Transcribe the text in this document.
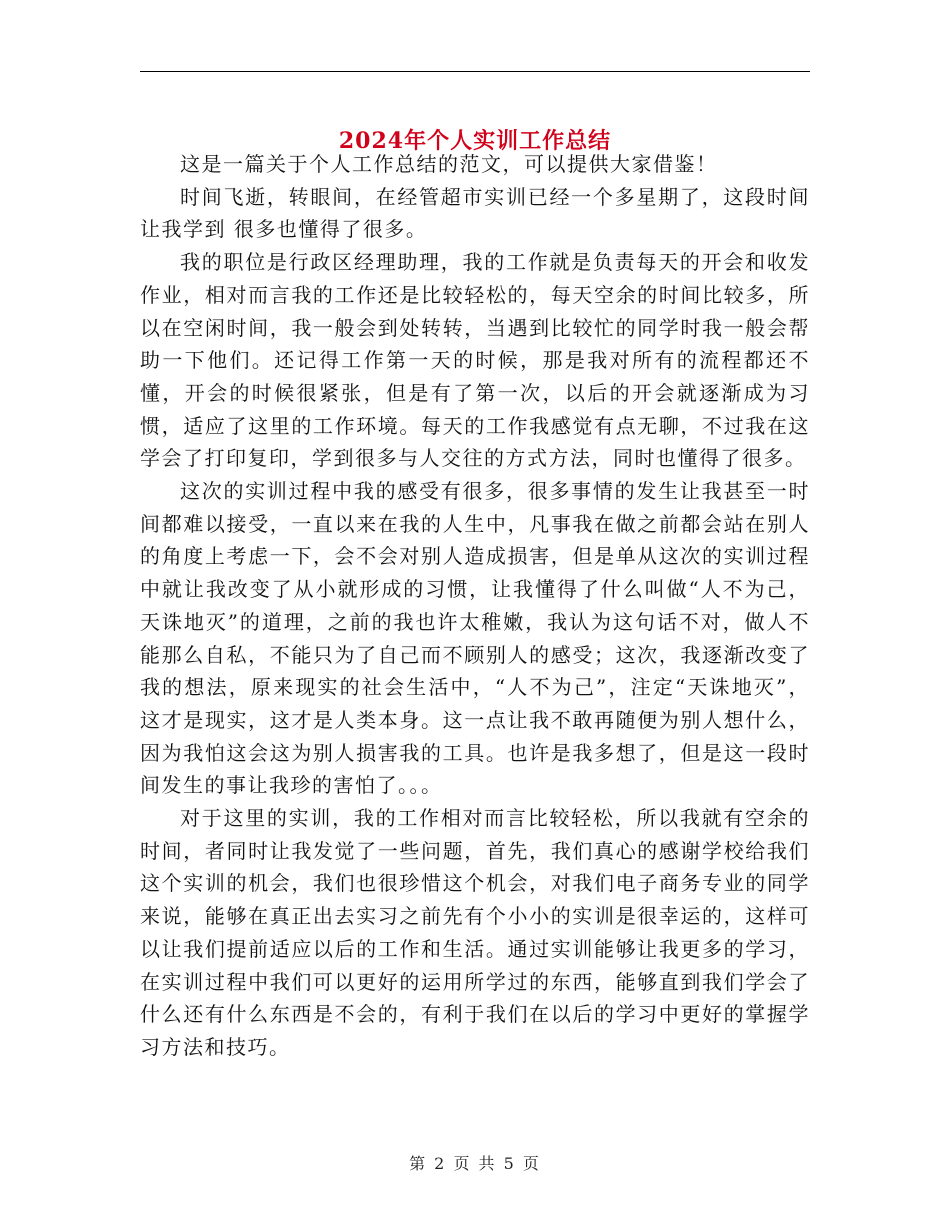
2024年个人实训工作总结

这是一篇关于个人工作总结的范文，可以提供大家借鉴！

时间飞逝，转眼间，在经管超市实训已经一个多星期了，这段时间让我学到 很多也懂得了很多。

我的职位是行政区经理助理，我的工作就是负责每天的开会和收发作业，相对而言我的工作还是比较轻松的，每天空余的时间比较多，所以在空闲时间，我一般会到处转转，当遇到比较忙的同学时我一般会帮助一下他们。还记得工作第一天的时候，那是我对所有的流程都还不懂，开会的时候很紧张，但是有了第一次，以后的开会就逐渐成为习惯，适应了这里的工作环境。每天的工作我感觉有点无聊，不过我在这学会了打印复印，学到很多与人交往的方式方法，同时也懂得了很多。

这次的实训过程中我的感受有很多，很多事情的发生让我甚至一时间都难以接受，一直以来在我的人生中，凡事我在做之前都会站在别人的角度上考虑一下，会不会对别人造成损害，但是单从这次的实训过程中就让我改变了从小就形成的习惯，让我懂得了什么叫做“人不为己，天诛地灭”的道理，之前的我也许太稚嫩，我认为这句话不对，做人不能那么自私，不能只为了自己而不顾别人的感受；这次，我逐渐改变了我的想法，原来现实的社会生活中，“人不为己”，注定“天诛地灭”，这才是现实，这才是人类本身。这一点让我不敢再随便为别人想什么，因为我怕这会这为别人损害我的工具。也许是我多想了，但是这一段时间发生的事让我珍的害怕了。。。

对于这里的实训，我的工作相对而言比较轻松，所以我就有空余的时间，者同时让我发觉了一些问题，首先，我们真心的感谢学校给我们这个实训的机会，我们也很珍惜这个机会，对我们电子商务专业的同学来说，能够在真正出去实习之前先有个小小的实训是很幸运的，这样可以让我们提前适应以后的工作和生活。通过实训能够让我更多的学习，在实训过程中我们可以更好的运用所学过的东西，能够直到我们学会了什么还有什么东西是不会的，有利于我们在以后的学习中更好的掌握学习方法和技巧。

第 2 页 共 5 页
